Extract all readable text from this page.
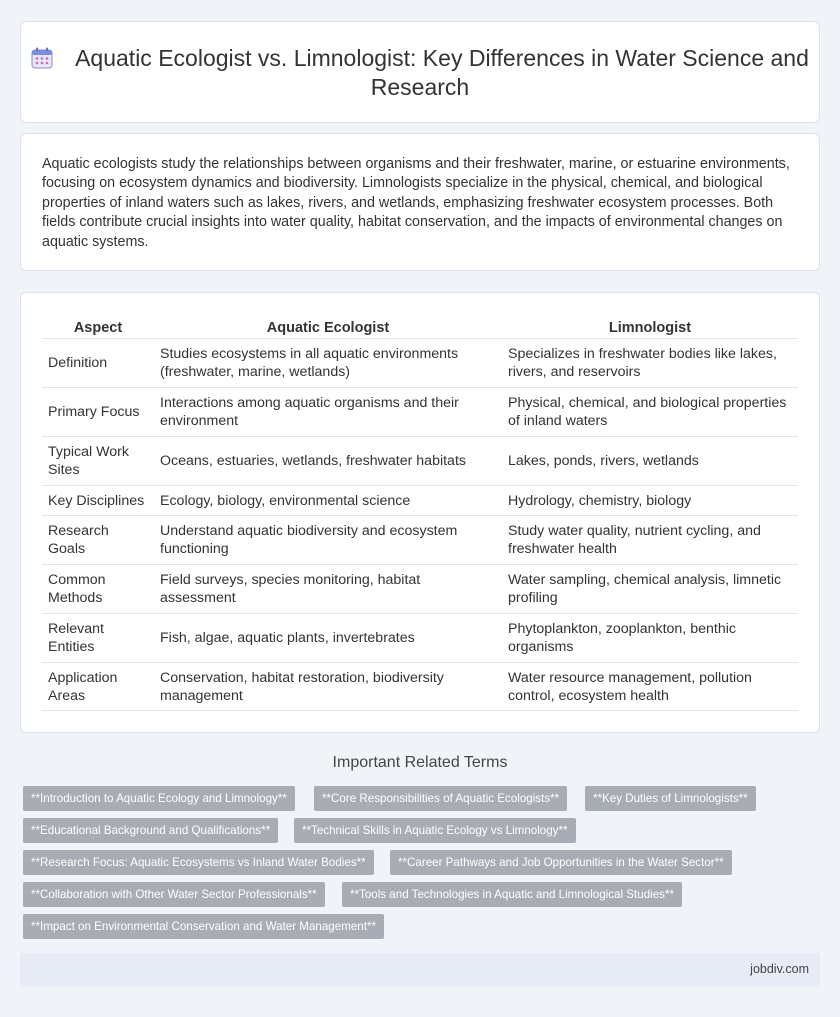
Aquatic Ecologist vs. Limnologist: Key Differences in Water Science and Research

Aquatic ecologists study the relationships between organisms and their freshwater, marine, or estuarine environments, focusing on ecosystem dynamics and biodiversity. Limnologists specialize in the physical, chemical, and biological properties of inland waters such as lakes, rivers, and wetlands, emphasizing freshwater ecosystem processes. Both fields contribute crucial insights into water quality, habitat conservation, and the impacts of environmental changes on aquatic systems.

Aspect	Aquatic Ecologist	Limnologist
Definition	Studies ecosystems in all aquatic environments (freshwater, marine, wetlands)	Specializes in freshwater bodies like lakes, rivers, and reservoirs
Primary Focus	Interactions among aquatic organisms and their environment	Physical, chemical, and biological properties of inland waters
Typical Work Sites	Oceans, estuaries, wetlands, freshwater habitats	Lakes, ponds, rivers, wetlands
Key Disciplines	Ecology, biology, environmental science	Hydrology, chemistry, biology
Research Goals	Understand aquatic biodiversity and ecosystem functioning	Study water quality, nutrient cycling, and freshwater health
Common Methods	Field surveys, species monitoring, habitat assessment	Water sampling, chemical analysis, limnetic profiling
Relevant Entities	Fish, algae, aquatic plants, invertebrates	Phytoplankton, zooplankton, benthic organisms
Application Areas	Conservation, habitat restoration, biodiversity management	Water resource management, pollution control, ecosystem health
Important Related Terms
**Introduction to Aquatic Ecology and Limnology**	**Core Responsibilities of Aquatic Ecologists**	**Key Duties of Limnologists**
**Educational Background and Qualifications**	**Technical Skills in Aquatic Ecology vs Limnology**
**Research Focus: Aquatic Ecosystems vs Inland Water Bodies**	**Career Pathways and Job Opportunities in the Water Sector**
**Collaboration with Other Water Sector Professionals**	**Tools and Technologies in Aquatic and Limnological Studies**
**Impact on Environmental Conservation and Water Management**
jobdiv.com
